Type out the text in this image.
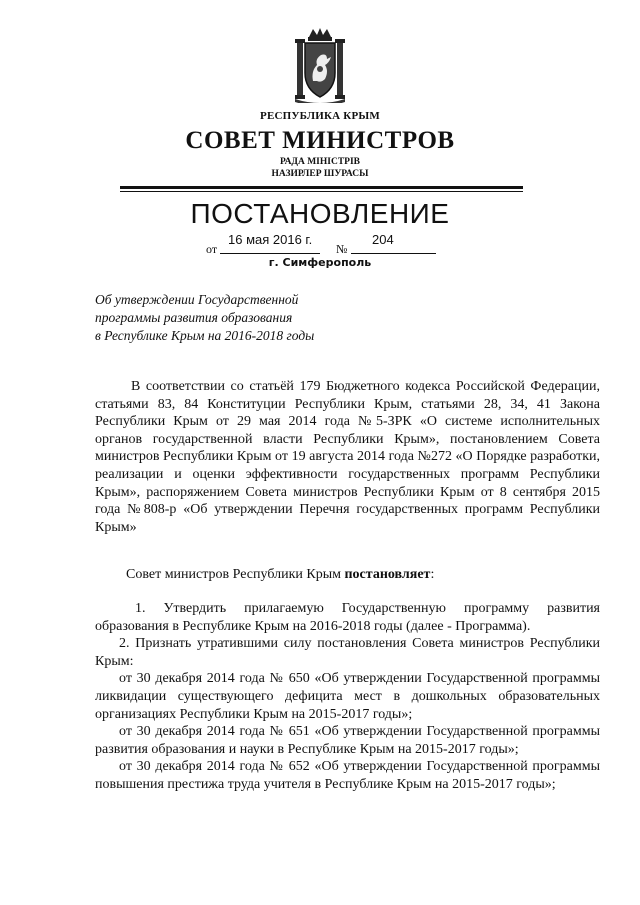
РЕСПУБЛИКА КРЫМ
СОВЕТ МИНИСТРОВ
РАДА МІНІСТРІВ
НАЗИРЛЕР ШУРАСЫ
ПОСТАНОВЛЕНИЕ
от
16 мая 2016 г.
№
204
г. Симферополь
Об утверждении Государственной
программы развития образования
в Республике Крым на 2016-2018 годы
В соответствии со статьёй 179 Бюджетного кодекса Российской Федерации, статьями 83, 84 Конституции Республики Крым, статьями 28, 34, 41 Закона Республики Крым от 29 мая 2014 года №5-ЗРК «О системе исполнительных органов государственной власти Республики Крым», постановлением Совета министров Республики Крым от 19 августа 2014 года №272 «О Порядке разработки, реализации и оценки эффективности государственных программ Республики Крым», распоряжением Совета министров Республики Крым от 8 сентября 2015 года №808-р «Об утверждении Перечня государственных программ Республики Крым»
Совет министров Республики Крым постановляет:

1. Утвердить прилагаемую Государственную программу развития образования в Республике Крым на 2016-2018 годы (далее - Программа).

2. Признать утратившими силу постановления Совета министров Республики Крым:

от 30 декабря 2014 года № 650 «Об утверждении Государственной программы ликвидации существующего дефицита мест в дошкольных образовательных организациях Республики Крым на 2015-2017 годы»;

от 30 декабря 2014 года № 651 «Об утверждении Государственной программы развития образования и науки в Республике Крым на 2015-2017 годы»;

от 30 декабря 2014 года № 652 «Об утверждении Государственной программы повышения престижа труда учителя в Республике Крым на 2015-2017 годы»;
